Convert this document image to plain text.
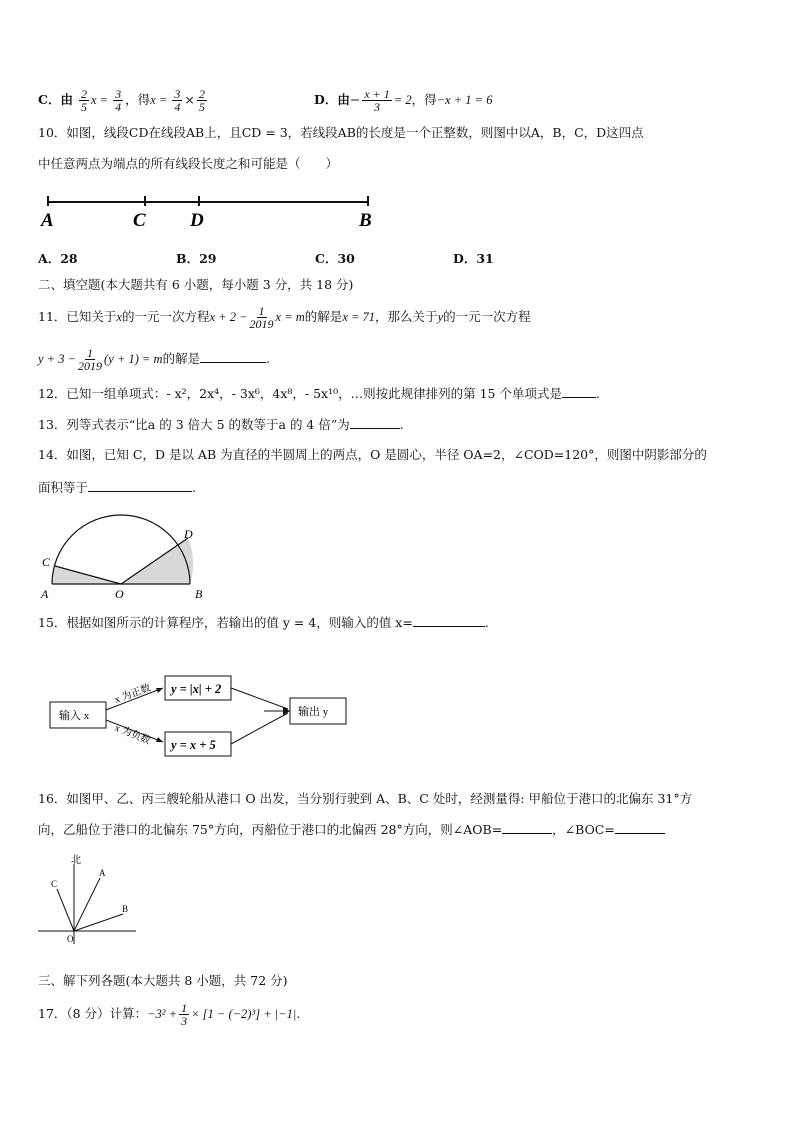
C．由 $\frac{2}{5}$ $x = \frac{3}{4}$ ，得$x = \frac{3}{4} \times \frac{2}{5}$	D．由− $\frac{x + 1}{3} = 2$，得−x + 1 = 6
10．如图，线段CD在线段AB上，且CD = 3，若线段AB的长度是一个正整数，则图中以A，B，C，D这四点
中任意两点为端点的所有线段长度之和可能是（　　）
A	C D	B
A．28	B．29	C．30	D．31
二、填空题(本大题共有 6 小题，每小题 3 分，共 18 分)
11．已知关于x的一元一次方程$x + 2 - \frac{1}{2019}$ x = m的解是x = 71，那么关于y的一元一次方程
$y + 3 - \frac{1}{2019} (y + 1) = m$的解是	.
12．已知一组单项式：- x²，2x⁴，- 3x⁶，4x⁸，- 5x¹⁰，…则按此规律排列的第 15 个单项式是	.
13．列等式表示“比a 的 3 倍大 5 的数等于a 的 4 倍”为	.
14．如图，已知 C，D 是以 AB 为直径的半圆周上的两点，O 是圆心，半径 OA=2，∠COD=120°，则图中阴影部分的
面积等于	.
C
D
A	O	B
15．根据如图所示的计算程序，若输出的值 y = 4，则输入的值 x=	.
输入 x
x 为正数
x 为负数
y = |x| + 2
y = x + 5
输出 y
16．如图甲、乙、丙三艘轮船从港口 O 出发，当分别行驶到 A、B、C 处时，经测量得: 甲船位于港口的北偏东 31°方
向，乙船位于港口的北偏东 75°方向，丙船位于港口的北偏西 28°方向，则∠AOB=	，∠BOC=
北
A
B
C
O
三、解下列各题(本大题共 8 小题，共 72 分)
17．（8 分）计算：$-3^2 + \frac{1}{3} \times [1 - (-2)^3] + |-1|$.
